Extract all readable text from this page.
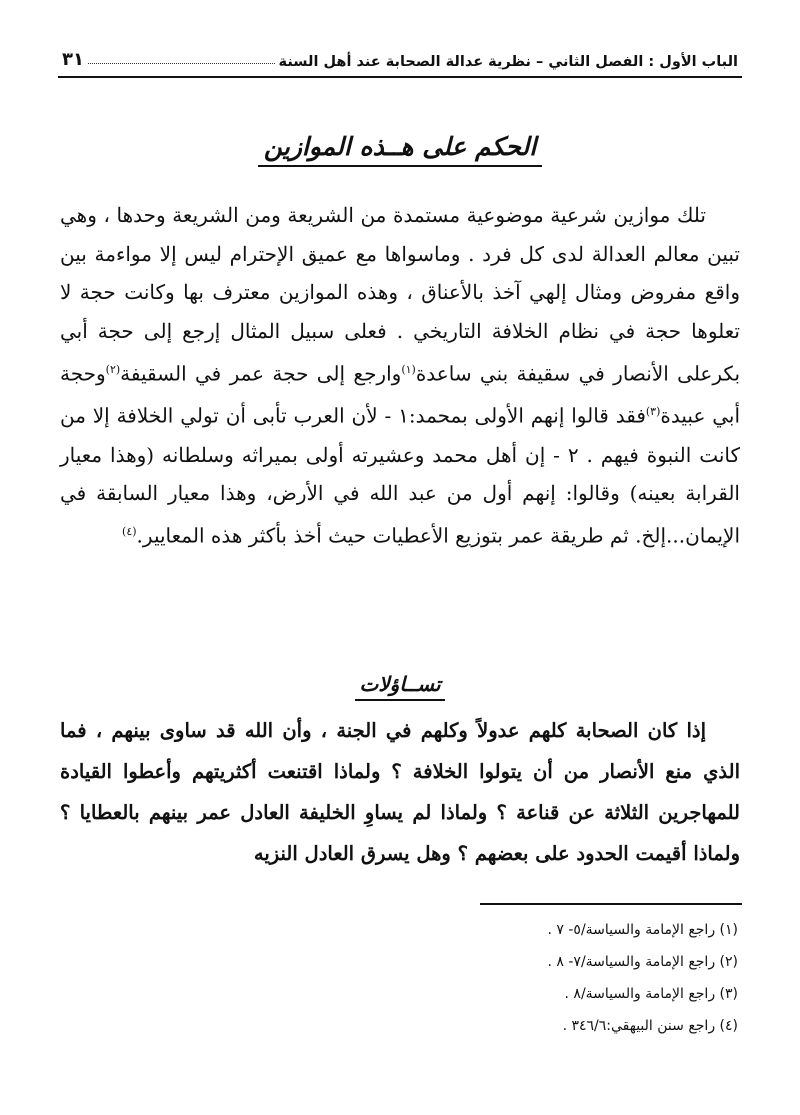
الباب الأول : الفصل الثاني – نظرية عدالة الصحابة عند أهل السنة
٣١
الحكم على هــذه الموازين

تلك موازين شرعية موضوعية مستمدة من الشريعة ومن الشريعة وحدها ، وهي تبين معالم العدالة لدى كل فرد . وماسواها مع عميق الإحترام ليس إلا مواءمة بين واقع مفروض ومثال إلهي آخذ بالأعناق ، وهذه الموازين معترف بها وكانت حجة لا تعلوها حجة في نظام الخلافة التاريخي . فعلى سبيل المثال إرجع إلى حجة أبي بكرعلى الأنصار في سقيفة بني ساعدة$^{(١)}$وارجع إلى حجة عمر في السقيفة$^{(٢)}$وحجة أبي عبيدة$^{(٣)}$فقد قالوا إنهم الأولى بمحمد:١ - لأن العرب تأبى أن تولي الخلافة إلا من كانت النبوة فيهم . ٢ - إن أهل محمد وعشيرته أولى بميراثه وسلطانه (وهذا معيار القرابة بعينه) وقالوا: إنهم أول من عبد الله في الأرض، وهذا معيار السابقة في الإيمان...إلخ. ثم طريقة عمر بتوزيع الأعطيات حيث أخذ بأكثر هذه المعايير.$^{(٤)}$

تســاؤلات

إذا كان الصحابة كلهم عدولاً وكلهم في الجنة ، وأن الله قد ساوى بينهم ، فما الذي منع الأنصار من أن يتولوا الخلافة ؟ ولماذا اقتنعت أكثريتهم وأعطوا القيادة للمهاجرين الثلاثة عن قناعة ؟ ولماذا لم يساوِ الخليفة العادل عمر بينهم بالعطايا ؟ ولماذا أقيمت الحدود على بعضهم ؟ وهل يسرق العادل النزيه

(١) راجع الإمامة والسياسة/٥- ٧ .
(٢) راجع الإمامة والسياسة/٧- ٨ .
(٣) راجع الإمامة والسياسة/٨ .
(٤) راجع سنن البيهقي:٣٤٦/٦ .
